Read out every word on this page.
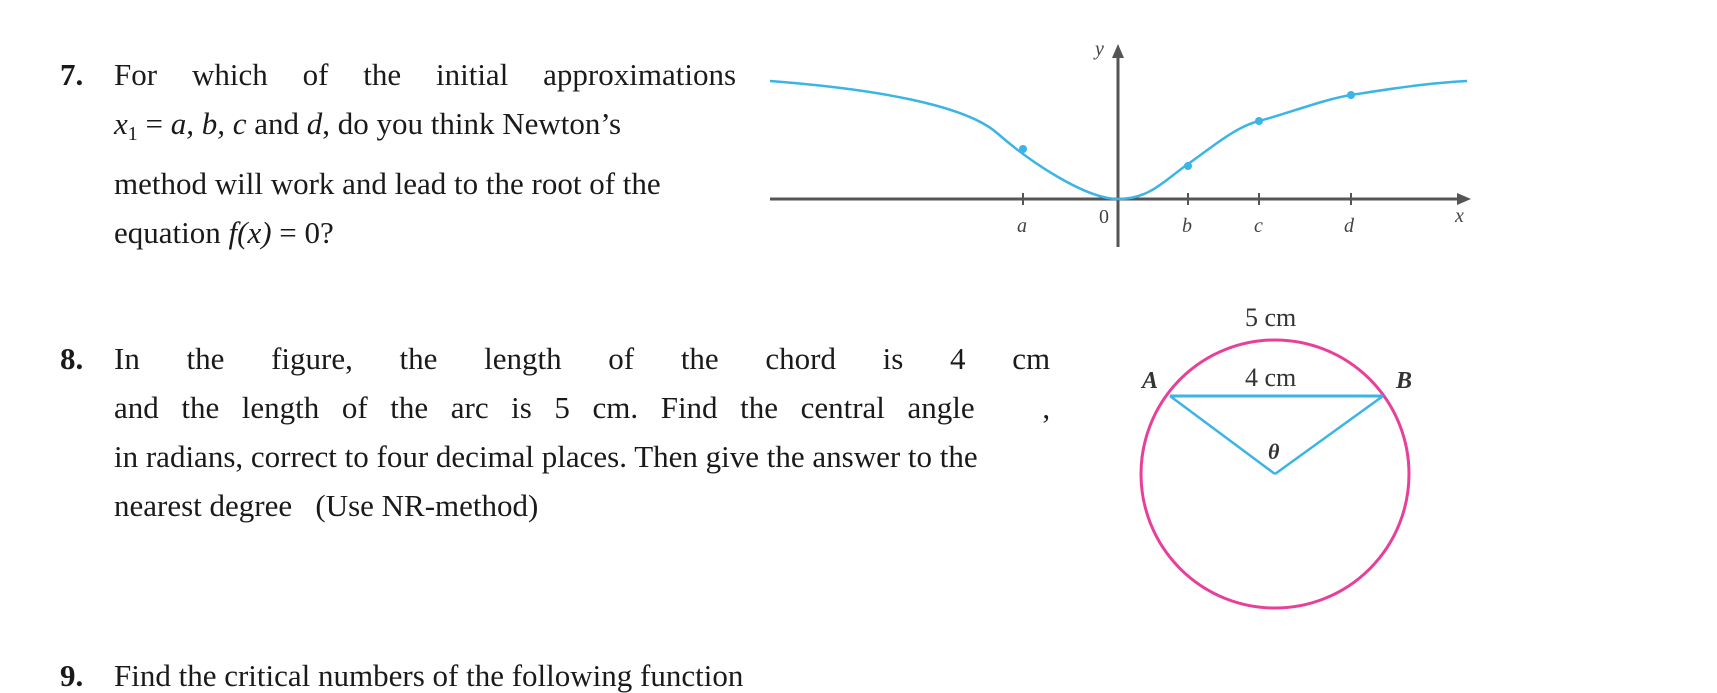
7. For which of the initial approximations
$x_1 = a$, b, c and d, do you think Newton’s
method will work and lead to the root of the
equation f(x) = 0?
y
0
a	b	c	d	x
8. In the figure, the length of the chord is 4 cm
and the length of the arc is 5 cm. Find the central angle ,
in radians, correct to four decimal places. Then give the answer to the
nearest degree   (Use NR-method)
5 cm
4 cm
A	B
θ
9. Find the critical numbers of the following function
